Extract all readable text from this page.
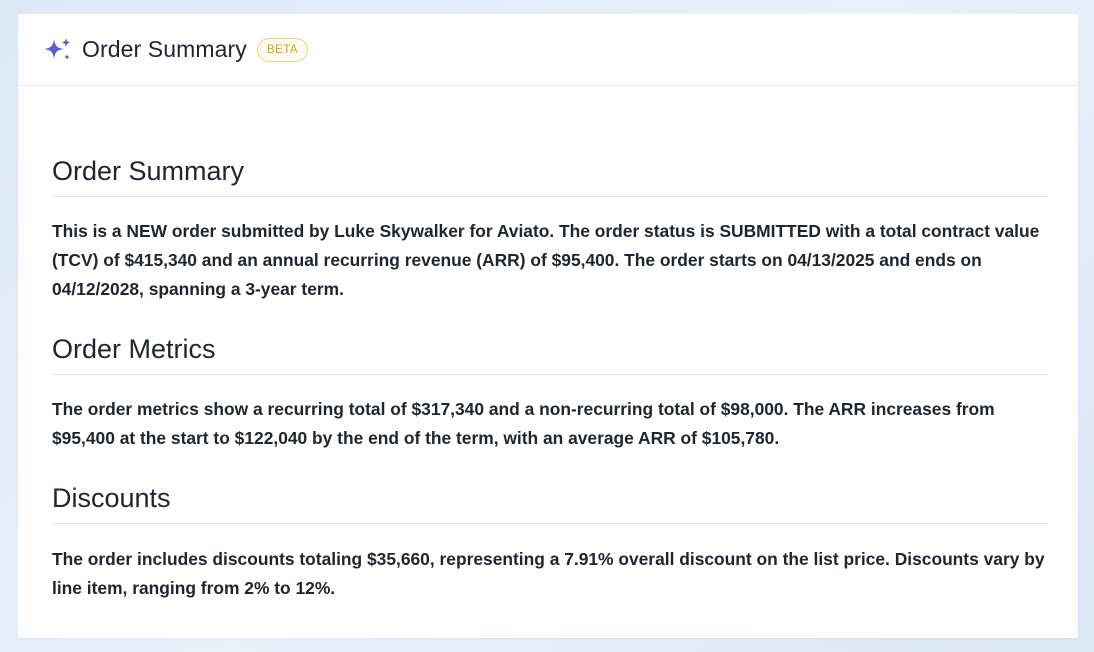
Order Summary	BETA
Order Summary

This is a NEW order submitted by Luke Skywalker for Aviato. The order status is SUBMITTED with a total contract value (TCV) of $415,340 and an annual recurring revenue (ARR) of $95,400. The order starts on 04/13/2025 and ends on 04/12/2028, spanning a 3-year term.

Order Metrics

The order metrics show a recurring total of $317,340 and a non-recurring total of $98,000. The ARR increases from $95,400 at the start to $122,040 by the end of the term, with an average ARR of $105,780.

Discounts

The order includes discounts totaling $35,660, representing a 7.91% overall discount on the list price. Discounts vary by line item, ranging from 2% to 12%.
